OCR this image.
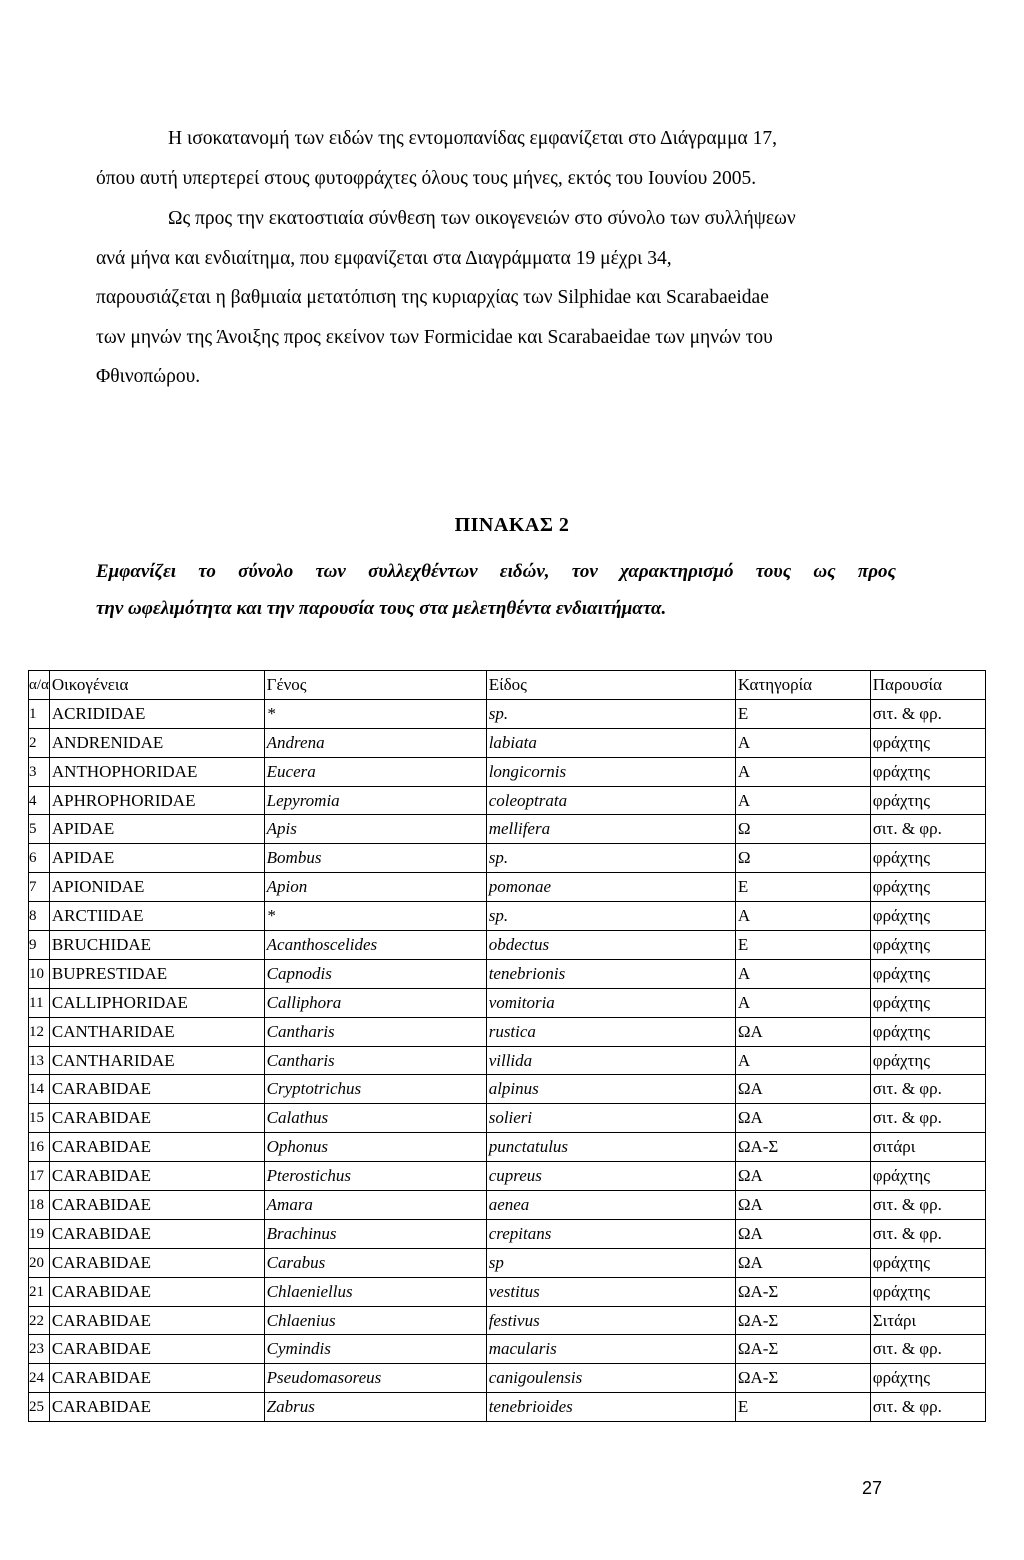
Η ισοκατανομή των ειδών της εντομοπανίδας εμφανίζεται στο Διάγραμμα 17,

όπου αυτή υπερτερεί στους φυτοφράχτες όλους τους μήνες, εκτός του Ιουνίου 2005.

Ως προς την εκατοστιαία σύνθεση των οικογενειών στο σύνολο των συλλήψεων

ανά μήνα και ενδιαίτημα, που εμφανίζεται στα Διαγράμματα 19 μέχρι 34,

παρουσιάζεται η βαθμιαία μετατόπιση της κυριαρχίας των Silphidae και Scarabaeidae

των μηνών της Άνοιξης προς εκείνον των Formicidae και Scarabaeidae των μηνών του

Φθινοπώρου.

ΠΙΝΑΚΑΣ 2
Εμφανίζει το σύνολο των συλλεχθέντων ειδών, τον χαρακτηρισμό τους ως προς
την ωφελιμότητα και την παρουσία τους στα μελετηθέντα ενδιαιτήματα.
α/α	Οικογένεια	Γένος	Είδος	Κατηγορία	Παρουσία
1	ACRIDIDAE	*	sp.	Ε	σιτ. & φρ.
2	ANDRENIDAE	Andrena	labiata	Α	φράχτης
3	ANTHOPHORIDAE	Eucera	longicornis	Α	φράχτης
4	APHROPHORIDAE	Lepyromia	coleoptrata	Α	φράχτης
5	APIDAE	Apis	mellifera	Ω	σιτ. & φρ.
6	APIDAE	Bombus	sp.	Ω	φράχτης
7	APIONIDAE	Apion	pomonae	Ε	φράχτης
8	ARCTIIDAE	*	sp.	Α	φράχτης
9	BRUCHIDAE	Acanthoscelides	obdectus	Ε	φράχτης
10	BUPRESTIDAE	Capnodis	tenebrionis	Α	φράχτης
11	CALLIPHORIDAE	Calliphora	vomitoria	Α	φράχτης
12	CANTHARIDAE	Cantharis	rustica	ΩΑ	φράχτης
13	CANTHARIDAE	Cantharis	villida	Α	φράχτης
14	CARABIDAE	Cryptotrichus	alpinus	ΩΑ	σιτ. & φρ.
15	CARABIDAE	Calathus	solieri	ΩΑ	σιτ. & φρ.
16	CARABIDAE	Ophonus	punctatulus	ΩΑ-Σ	σιτάρι
17	CARABIDAE	Pterostichus	cupreus	ΩΑ	φράχτης
18	CARABIDAE	Amara	aenea	ΩΑ	σιτ. & φρ.
19	CARABIDAE	Brachinus	crepitans	ΩΑ	σιτ. & φρ.
20	CARABIDAE	Carabus	sp	ΩΑ	φράχτης
21	CARABIDAE	Chlaeniellus	vestitus	ΩΑ-Σ	φράχτης
22	CARABIDAE	Chlaenius	festivus	ΩΑ-Σ	Σιτάρι
23	CARABIDAE	Cymindis	macularis	ΩΑ-Σ	σιτ. & φρ.
24	CARABIDAE	Pseudomasoreus	canigoulensis	ΩΑ-Σ	φράχτης
25	CARABIDAE	Zabrus	tenebrioides	Ε	σιτ. & φρ.
27
